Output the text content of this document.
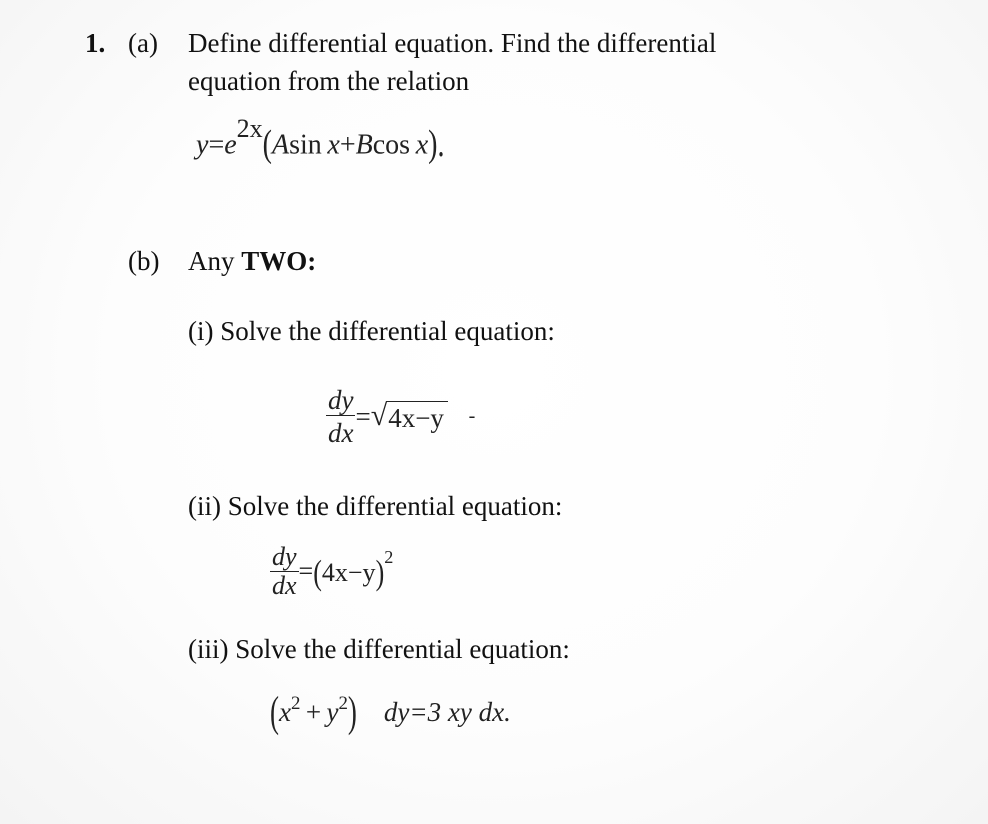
1. (a) Define differential equation. Find the differential
equation from the relation
$y=e^{2x}(Asin$  x+Bcos  x).
(b) Any TWO:
(i) Solve the differential equation:
$\frac{dy}{dx}$ = √ 4x−y -
(ii) Solve the differential equation:
$\frac{dy}{dx} =(4x-y)^2$
(iii) Solve the differential equation:
$(x^2 + y^2)$  dy=3 xy dx.
